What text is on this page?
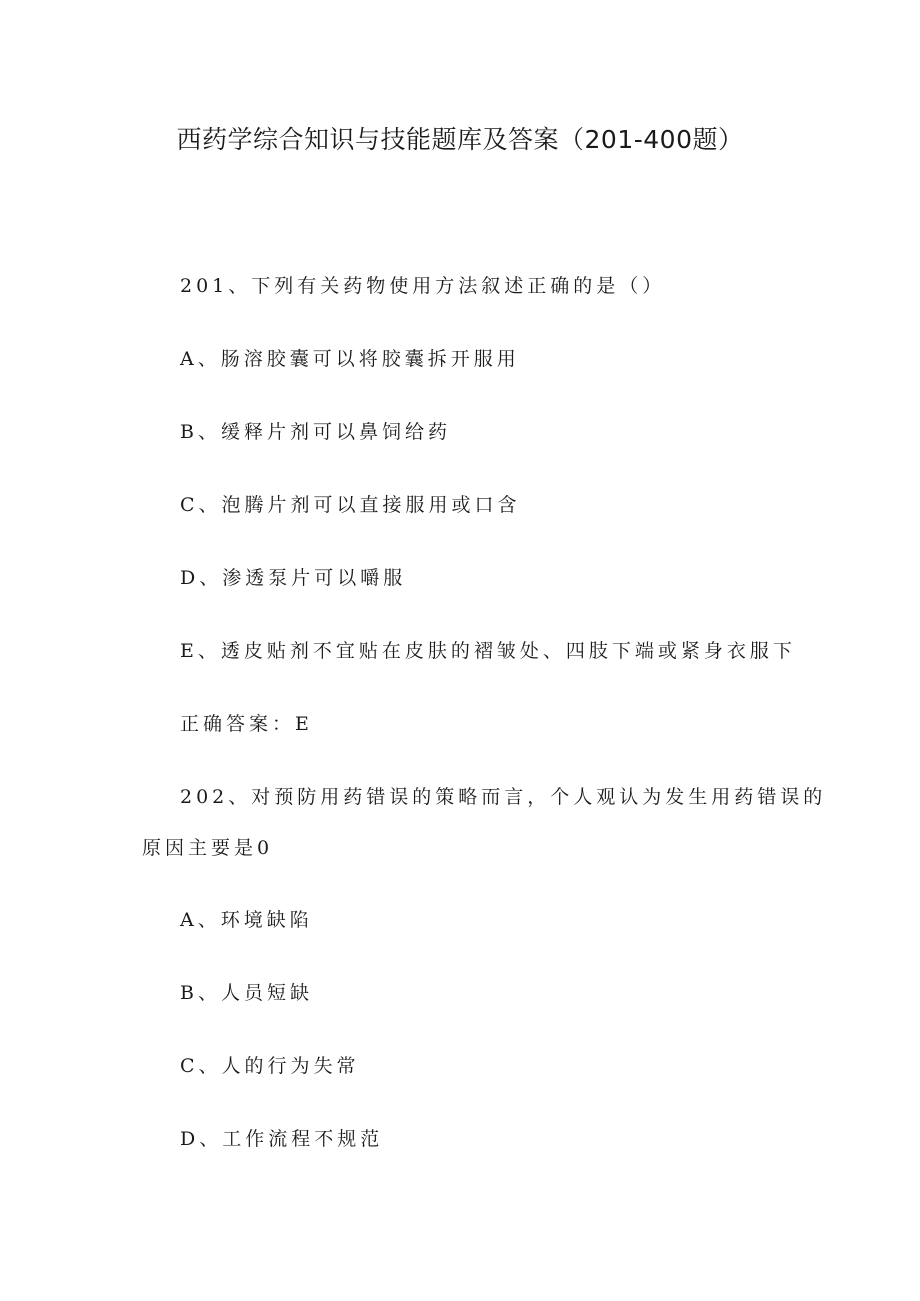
西药学综合知识与技能题库及答案（201-400题）

201、下列有关药物使用方法叙述正确的是（）

A、肠溶胶囊可以将胶囊拆开服用

B、缓释片剂可以鼻饲给药

C、泡腾片剂可以直接服用或口含

D、渗透泵片可以嚼服

E、透皮贴剂不宜贴在皮肤的褶皱处、四肢下端或紧身衣服下

正确答案：E

202、对预防用药错误的策略而言，个人观认为发生用药错误的

原因主要是0

A、环境缺陷

B、人员短缺

C、人的行为失常

D、工作流程不规范
